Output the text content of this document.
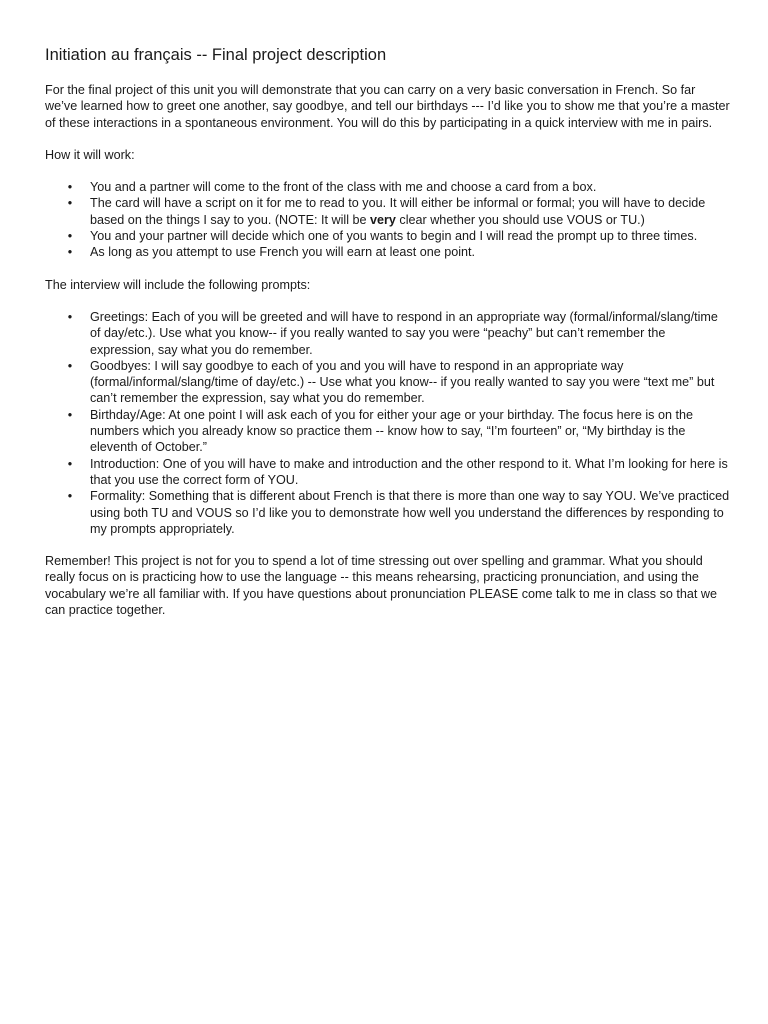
Initiation au français -- Final project description

For the final project of this unit you will demonstrate that you can carry on a very basic conversation in French. So far we’ve learned how to greet one another, say goodbye, and tell our birthdays --- I’d like you to show me that you’re a master of these interactions in a spontaneous environment. You will do this by participating in a quick interview with me in pairs.

How it will work:

•
You and a partner will come to the front of the class with me and choose a card from a box.
•
The card will have a script on it for me to read to you. It will either be informal or formal; you will have to decide based on the things I say to you. (NOTE: It will be very clear whether you should use VOUS or TU.)
•
You and your partner will decide which one of you wants to begin and I will read the prompt up to three times.
•
As long as you attempt to use French you will earn at least one point.

The interview will include the following prompts:

•
Greetings: Each of you will be greeted and will have to respond in an appropriate way (formal/informal/slang/time of day/etc.). Use what you know-- if you really wanted to say you were “peachy” but can’t remember the expression, say what you do remember.
•
Goodbyes: I will say goodbye to each of you and you will have to respond in an appropriate way (formal/informal/slang/time of day/etc.) -- Use what you know-- if you really wanted to say you were “text me” but can’t remember the expression, say what you do remember.
•
Birthday/Age: At one point I will ask each of you for either your age or your birthday. The focus here is on the numbers which you already know so practice them -- know how to say, “I’m fourteen” or, “My birthday is the eleventh of October.”
•
Introduction: One of you will have to make and introduction and the other respond to it. What I’m looking for here is that you use the correct form of YOU.
•
Formality: Something that is different about French is that there is more than one way to say YOU. We’ve practiced using both TU and VOUS so I’d like you to demonstrate how well you understand the differences by responding to my prompts appropriately.

Remember! This project is not for you to spend a lot of time stressing out over spelling and grammar. What you should really focus on is practicing how to use the language -- this means rehearsing, practicing pronunciation, and using the vocabulary we’re all familiar with. If you have questions about pronunciation PLEASE come talk to me in class so that we can practice together.
